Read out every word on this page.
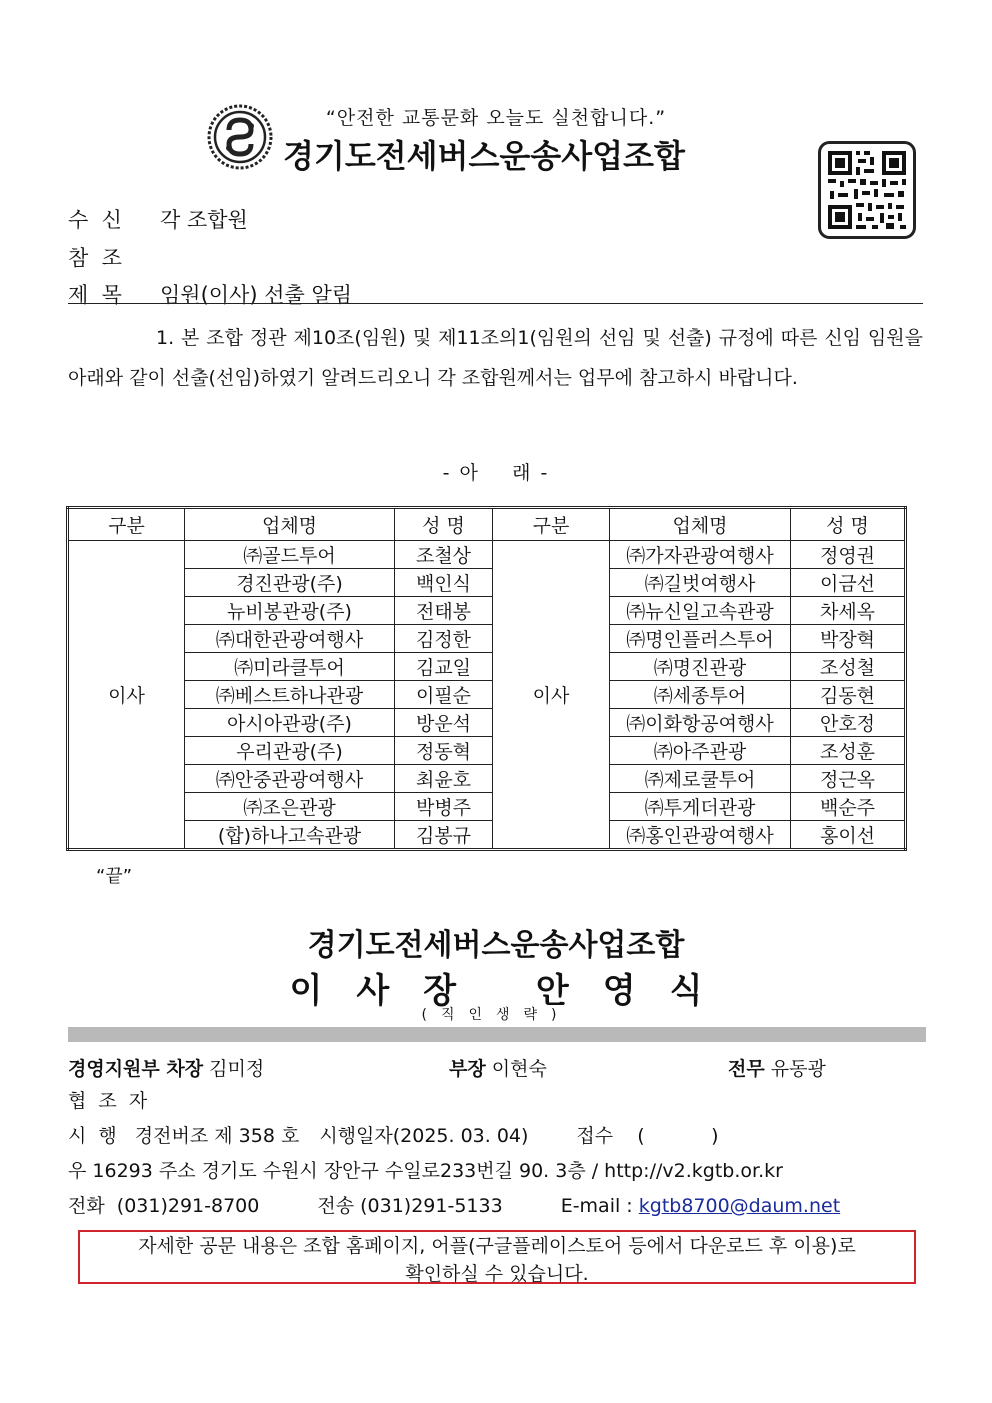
“안전한 교통문화 오늘도 실천합니다.”
경기도전세버스운송사업조합
수  신 각 조합원
참  조
제  목 임원(이사) 선출 알림
1. 본 조합 정관 제10조(임원) 및 제11조의1(임원의 선임 및 선출) 규정에 따른 신임 임원을 아래와 같이 선출(선임)하였기 알려드리오니 각 조합원께서는 업무에 참고하시 바랍니다.
- 아    래 -
구분	업체명	성 명	구분	업체명	성 명
이사	㈜골드투어	조철상	이사	㈜가자관광여행사	정영권
	경진관광(주)	백인식		㈜길벗여행사	이금선
	뉴비봉관광(주)	전태봉		㈜뉴신일고속관광	차세옥
	㈜대한관광여행사	김정한		㈜명인플러스투어	박장혁
	㈜미라클투어	김교일		㈜명진관광	조성철
	㈜베스트하나관광	이필순		㈜세종투어	김동현
	아시아관광(주)	방운석		㈜이화항공여행사	안호정
	우리관광(주)	정동혁		㈜아주관광	조성훈
	㈜안중관광여행사	최윤호		㈜제로쿨투어	정근옥
	㈜조은관광	박병주		㈜투게더관광	백순주
	(합)하나고속관광	김봉규		㈜홍인관광여행사	홍이선
“끝”
경기도전세버스운송사업조합
이사장 안영식
(직인생략)
경영지원부 차장 김미정	부장 이현숙	전무 유동광
협  조  자
시  행 경전버조 제 358 호 시행일자(2025. 03. 04)	접수    (           )
우 16293 주소 경기도 수원시 장안구 수일로233번길 90. 3층 / http://v2.kgtb.or.kr
전화  (031)291-8700	전송 (031)291-5133	E-mail : kgtb8700@daum.net
자세한 공문 내용은 조합 홈페이지, 어플(구글플레이스토어 등에서 다운로드 후 이용)로
확인하실 수 있습니다.
